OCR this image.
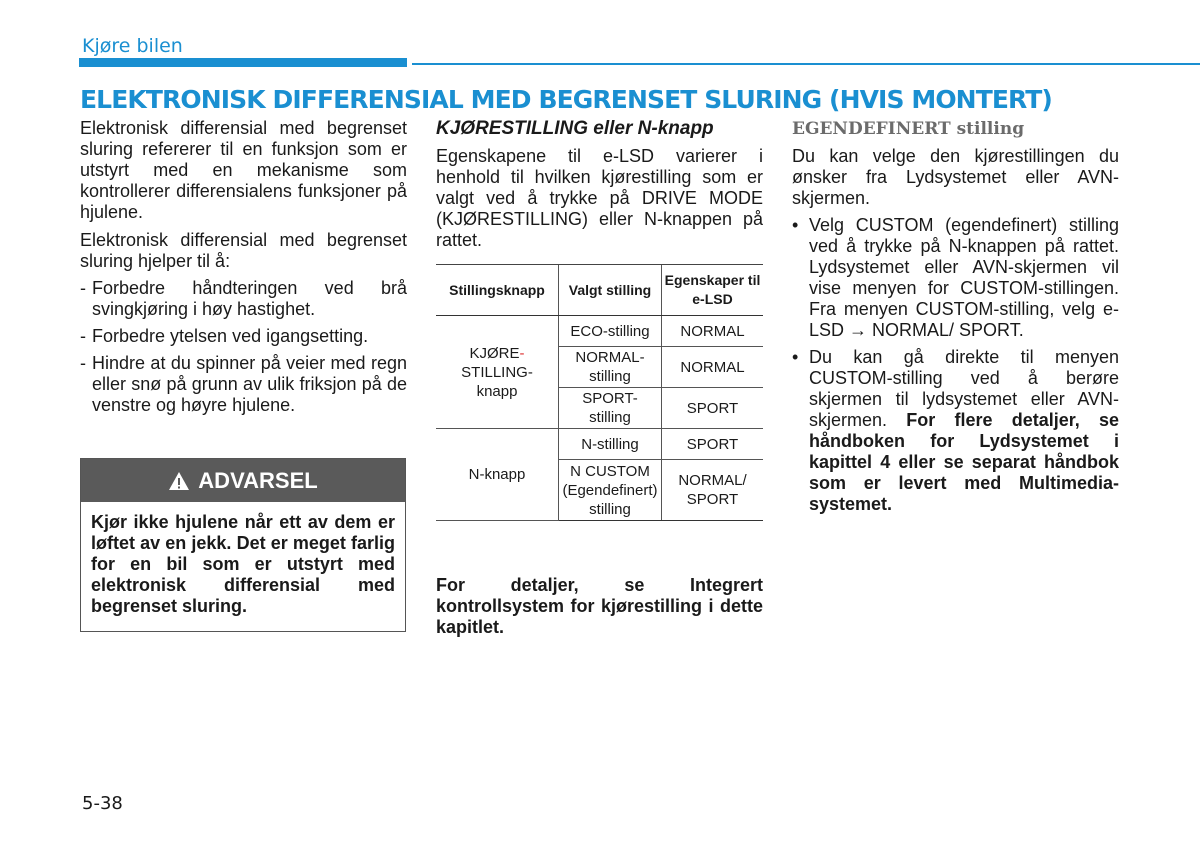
Kjøre bilen
ELEKTRONISK DIFFERENSIAL MED BEGRENSET SLURING (HVIS MONTERT)

Elektronisk differensial med begrenset sluring refererer til en funksjon som er utstyrt med en mekanisme som kontrollerer differensialens funksjoner på hjulene.

Elektronisk differensial med begrenset sluring hjelper til å:

- Forbedre håndteringen ved brå svingkjøring i høy hastighet.
- Forbedre ytelsen ved igangsetting.
- Hindre at du spinner på veier med regn eller snø på grunn av ulik friksjon på de venstre og høyre hjulene.
ADVARSEL
Kjør ikke hjulene når ett av dem er løftet av en jekk. Det er meget farlig for en bil som er utstyrt med elektronisk differensial med begrenset sluring.
KJØRESTILLING eller N-knapp

Egenskapene til e-LSD varierer i henhold til hvilken kjørestilling som er valgt ved å trykke på DRIVE MODE (KJØRESTILLING) eller N-knappen på rattet.

Stillingsknapp	Valgt stilling	Egenskaper til e-LSD
KJØRE-
STILLING-
knapp	ECO-stilling	NORMAL
	NORMAL-stilling	NORMAL
	SPORT-stilling	SPORT
N-knapp	N-stilling	SPORT
	N CUSTOM (Egendefinert) stilling	NORMAL/ SPORT
For detaljer, se Integrert kontrollsystem for kjørestilling i dette kapitlet.
EGENDEFINERT stilling

Du kan velge den kjørestillingen du ønsker fra Lydsystemet eller AVN-skjermen.

• Velg CUSTOM (egendefinert) stilling ved å trykke på N-knappen på rattet. Lydsystemet eller AVN-skjermen vil vise menyen for CUSTOM-stillingen. Fra menyen CUSTOM-stilling, velg e-LSD → NORMAL/ SPORT.
• Du kan gå direkte til menyen CUSTOM-stilling ved å berøre skjermen til lydsystemet eller AVN-skjermen. For flere detaljer, se håndboken for Lydsystemet i kapittel 4 eller se separat håndbok som er levert med Multimedia-systemet.
5-38
